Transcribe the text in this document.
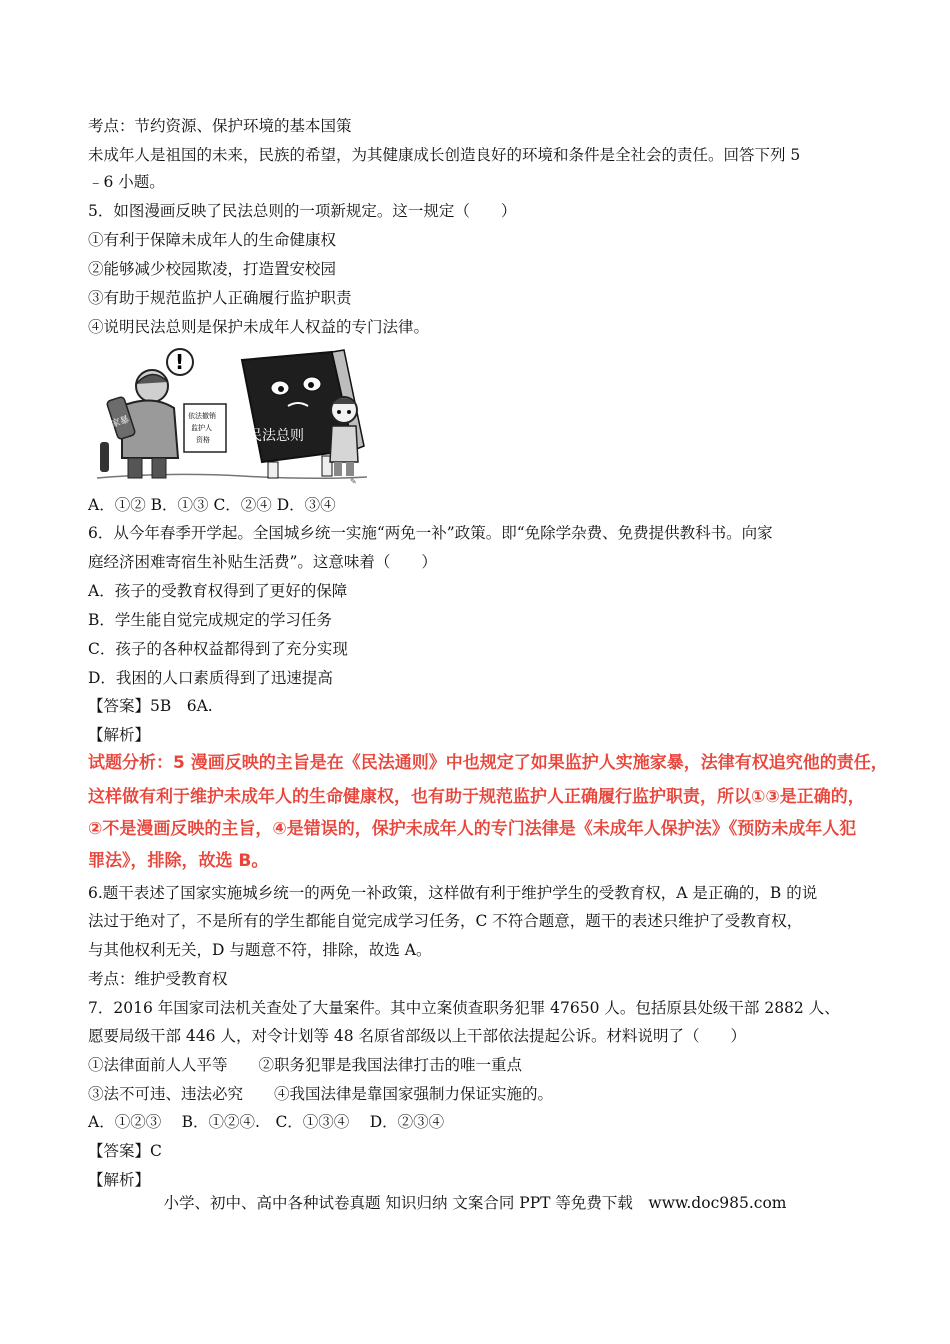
考点：节约资源、保护环境的基本国策
未成年人是祖国的未来，民族的希望，为其健康成长创造良好的环境和条件是全社会的责任。回答下列 5
﹣6 小题。
5．如图漫画反映了民法总则的一项新规定。这一规定（　　）
①有利于保障未成年人的生命健康权
②能够减少校园欺凌，打造置安校园
③有助于规范监护人正确履行监护职责
④说明民法总则是保护未成年人权益的专门法律。
家暴
!
依法撤销
监护人
资格	民法总则
✎
A．①② B．①③ C．②④ D．③④
6．从今年春季开学起。全国城乡统一实施“两免一补”政策。即“免除学杂费、免费提供教科书。向家
庭经济困难寄宿生补贴生活费”。这意味着（　　）
A．孩子的受教育权得到了更好的保障
B．学生能自觉完成规定的学习任务
C．孩子的各种权益都得到了充分实现
D．我困的人口素质得到了迅速提高
【答案】5B　6A.
【解析】
试题分析：5 漫画反映的主旨是在《民法通则》中也规定了如果监护人实施家暴，法律有权追究他的责任，
这样做有利于维护未成年人的生命健康权，也有助于规范监护人正确履行监护职责，所以①③是正确的，
②不是漫画反映的主旨，④是错误的，保护未成年人的专门法律是《未成年人保护法》《预防未成年人犯
罪法》，排除，故选 B。
6.题干表述了国家实施城乡统一的两免一补政策，这样做有利于维护学生的受教育权，A 是正确的，B 的说
法过于绝对了，不是所有的学生都能自觉完成学习任务，C 不符合题意，题干的表述只维护了受教育权，
与其他权利无关，D 与题意不符，排除，故选 A。
考点：维护受教育权
7．2016 年国家司法机关查处了大量案件。其中立案侦查职务犯罪 47650 人。包括原县处级干部 2882 人、
愿要局级干部 446 人，对令计划等 48 名原省部级以上干部依法提起公诉。材料说明了（　　）
①法律面前人人平等　　②职务犯罪是我国法律打击的唯一重点
③法不可违、违法必究　　④我国法律是靠国家强制力保证实施的。
A．①②③　 B．①②④.　C．①③④　 D．②③④
【答案】C
【解析】
小学、初中、高中各种试卷真题 知识归纳 文案合同 PPT 等免费下载　www.doc985.com
